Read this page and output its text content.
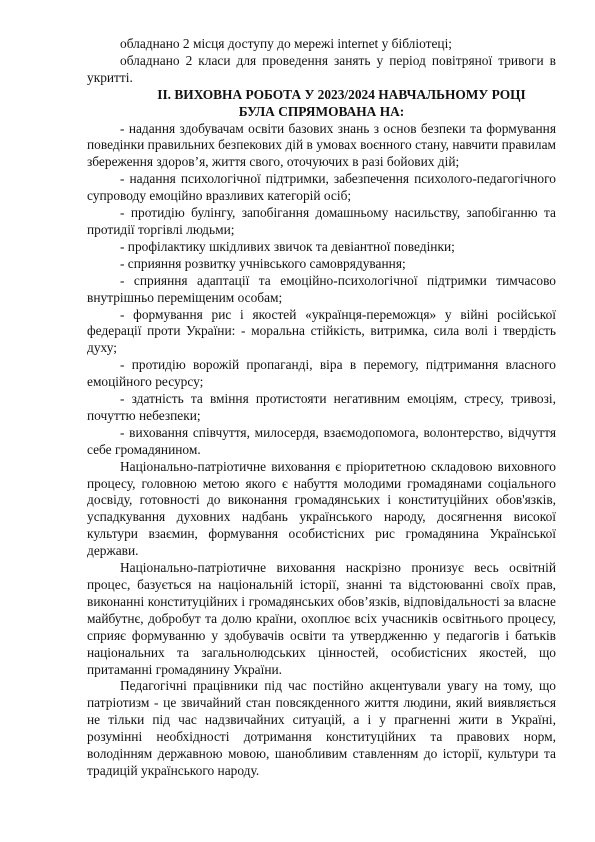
обладнано 2 місця доступу до мережі internet у бібліотеці;

обладнано 2 класи для проведення занять у період повітряної тривоги в укритті.

ІІ. ВИХОВНА РОБОТА У 2023/2024 НАВЧАЛЬНОМУ РОЦІ

БУЛА СПРЯМОВАНА НА:

- надання здобувачам освіти базових знань з основ безпеки та формування поведінки правильних безпекових дій в умовах воєнного стану, навчити правилам збереження здоров’я, життя свого, оточуючих в разі бойових дій;

- надання психологічної підтримки, забезпечення психолого-педагогічного супроводу емоційно вразливих категорій осіб;

- протидію булінгу, запобігання домашньому насильству, запобіганню та протидії торгівлі людьми;

- профілактику шкідливих звичок та девіантної поведінки;

- сприяння розвитку учнівського самоврядування;

- сприяння адаптації та емоційно-психологічної підтримки тимчасово внутрішньо переміщеним особам;

- формування рис і якостей «українця-переможця» у війні російської федерації проти України: - моральна стійкість, витримка, сила волі і твердість духу;

- протидію ворожій пропаганді, віра в перемогу, підтримання власного емоційного ресурсу;

- здатність та вміння протистояти негативним емоціям, стресу, тривозі, почуттю небезпеки;

- виховання співчуття, милосердя, взаємодопомога, волонтерство, відчуття себе громадянином.

Національно-патріотичне виховання є пріоритетною складовою виховного процесу, головною метою якого є набуття молодими громадянами соціального досвіду, готовності до виконання громадянських і конституційних обов'язків, успадкування духовних надбань українського народу, досягнення високої культури взаємин, формування особистісних рис громадянина Української держави.

Національно-патріотичне виховання наскрізно пронизує весь освітній процес, базується на національній історії, знанні та відстоюванні своїх прав, виконанні конституційних і громадянських обов’язків, відповідальності за власне майбутнє, добробут та долю країни, охоплює всіх учасників освітнього процесу, сприяє формуванню у здобувачів освіти та утвердженню у педагогів і батьків національних та загальнолюдських цінностей, особистісних якостей, що притаманні громадянину України.

Педагогічні працівники під час постійно акцентували увагу на тому, що патріотизм - це звичайний стан повсякденного життя людини, який виявляється не тільки під час надзвичайних ситуацій, а і у прагненні жити в Україні, розумінні необхідності дотримання конституційних та правових норм, володінням державною мовою, шанобливим ставленням до історії, культури та традицій українського народу.
